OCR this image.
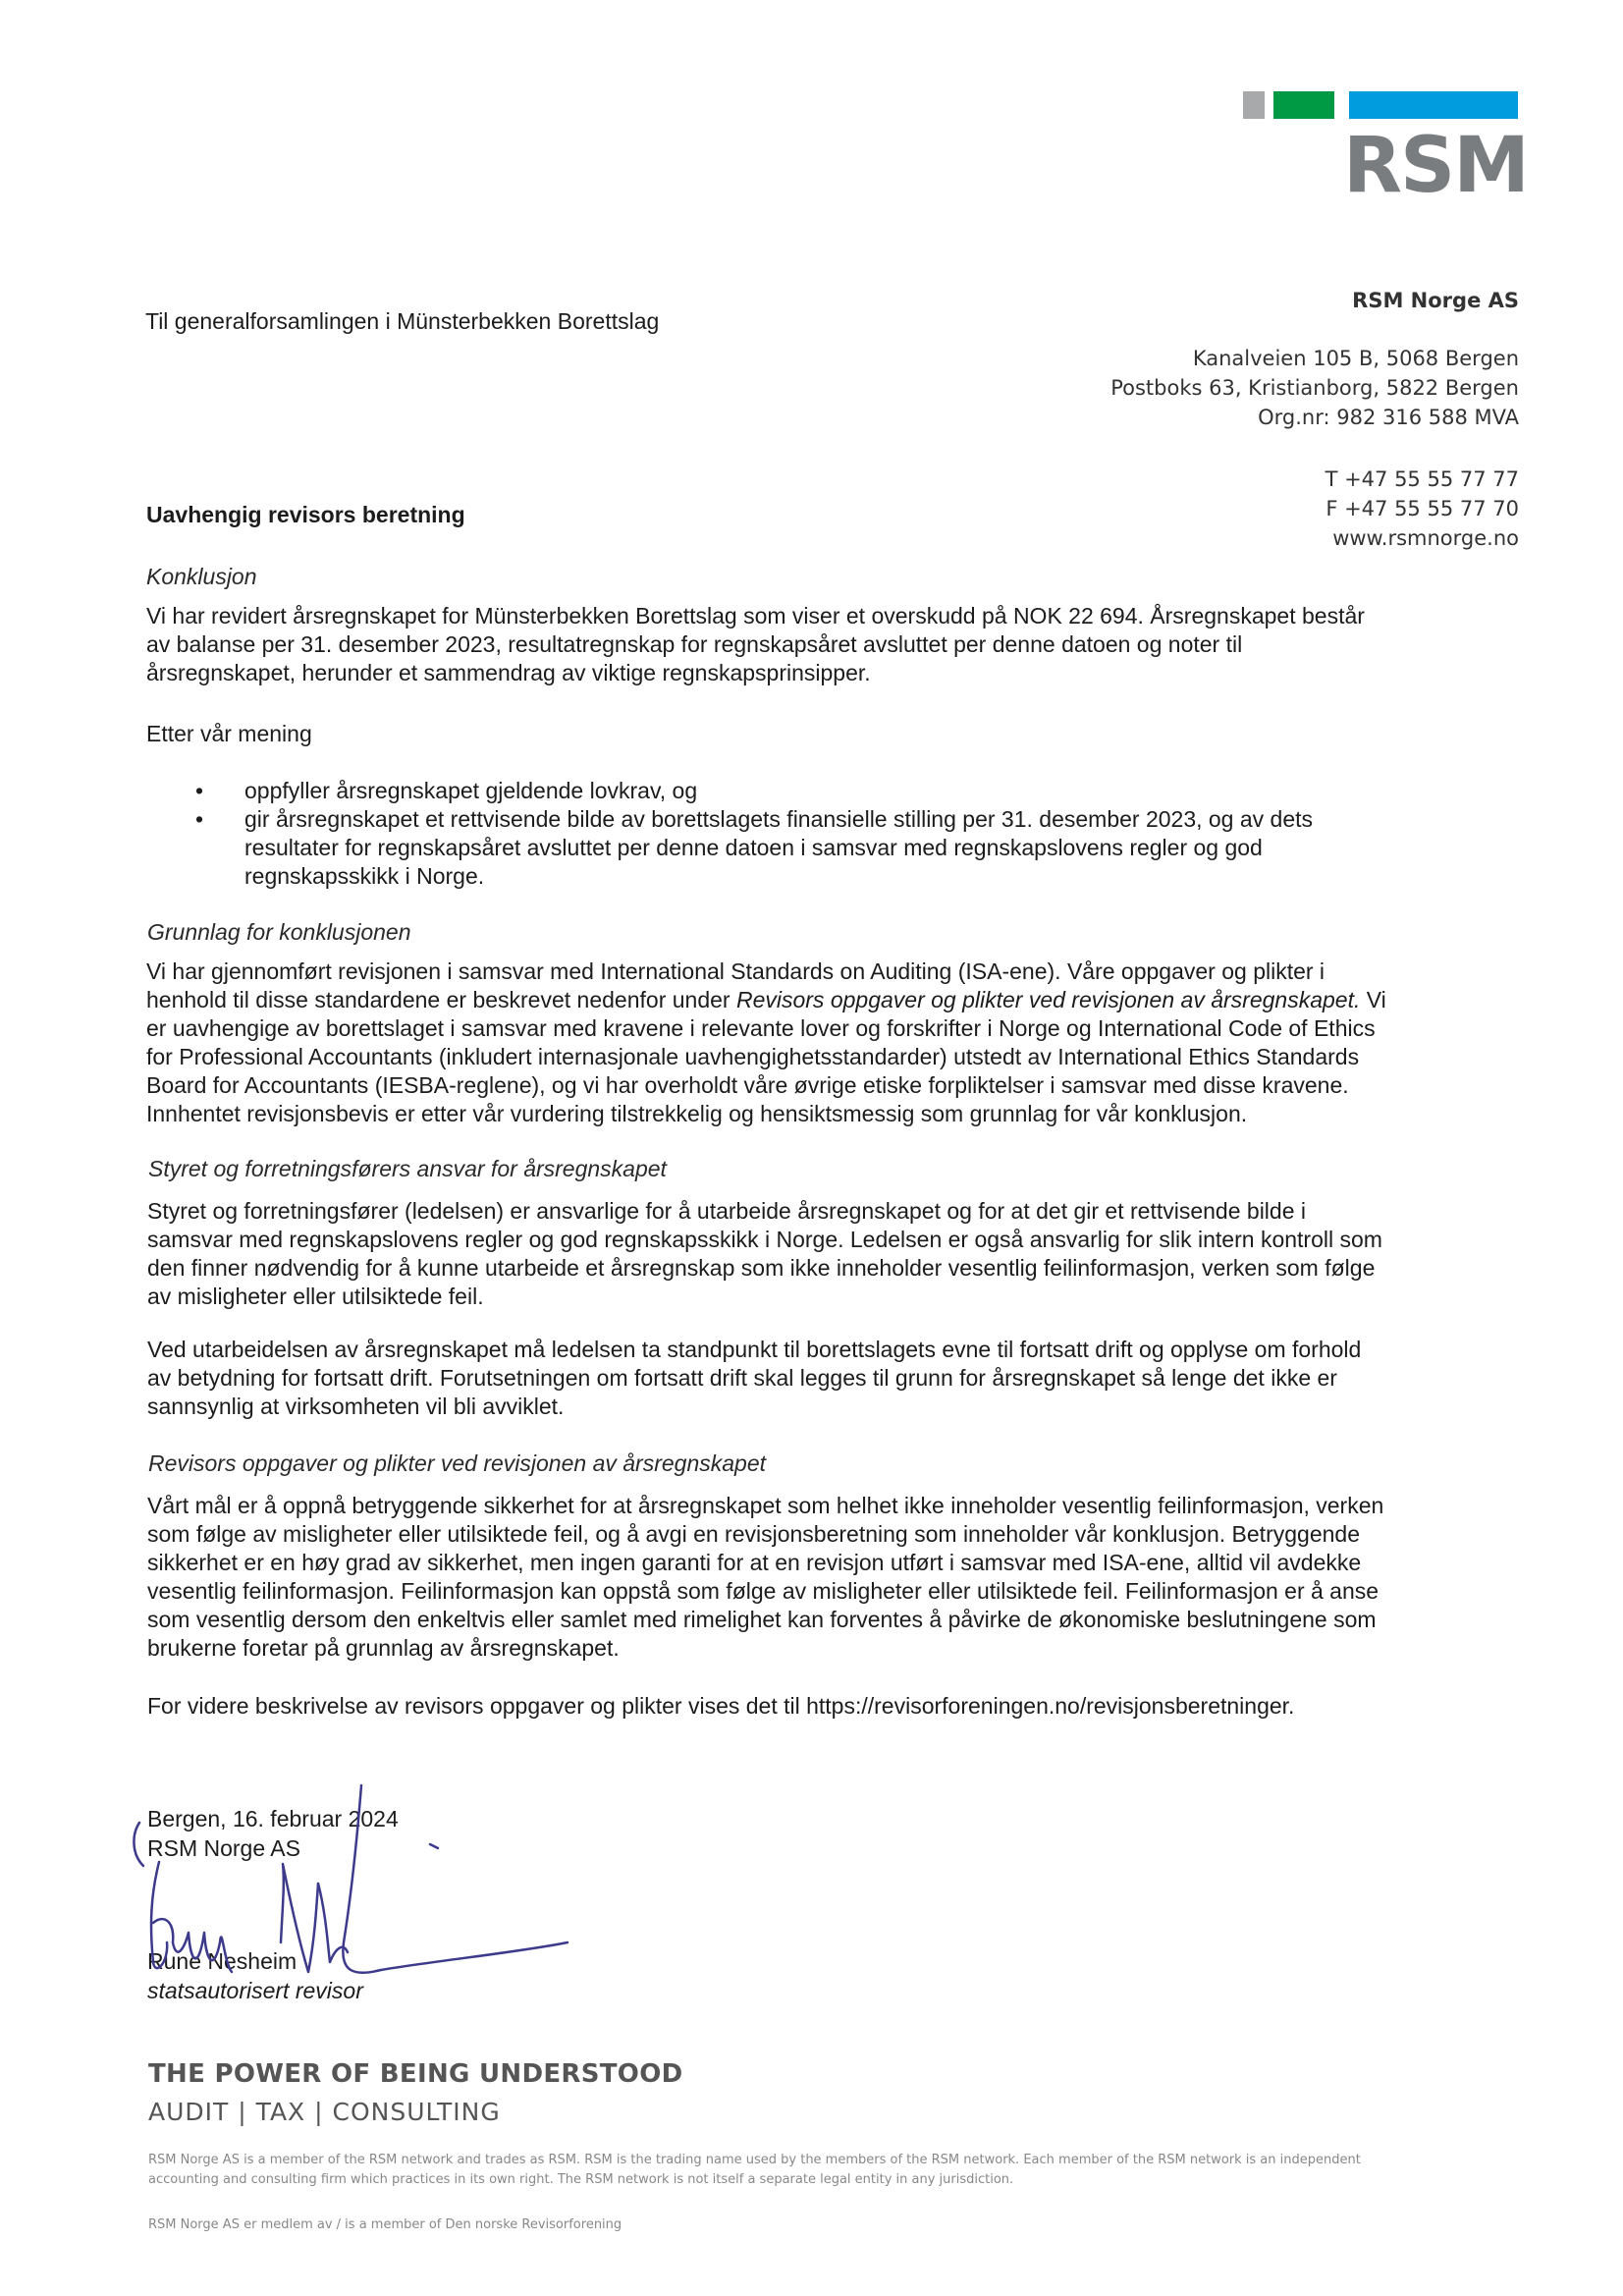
RSM
Til generalforsamlingen i Münsterbekken Borettslag
RSM Norge AS
Kanalveien 105 B, 5068 Bergen
Postboks 63, Kristianborg, 5822 Bergen
Org.nr: 982 316 588 MVA
T +47 55 55 77 77
F +47 55 55 77 70
www.rsmnorge.no
Uavhengig revisors beretning
Konklusjon
Vi har revidert årsregnskapet for Münsterbekken Borettslag som viser et overskudd på NOK 22 694. Årsregnskapet består
av balanse per 31. desember 2023, resultatregnskap for regnskapsåret avsluttet per denne datoen og noter til
årsregnskapet, herunder et sammendrag av viktige regnskapsprinsipper.
Etter vår mening
• oppfyller årsregnskapet gjeldende lovkrav, og
• gir årsregnskapet et rettvisende bilde av borettslagets finansielle stilling per 31. desember 2023, og av dets
resultater for regnskapsåret avsluttet per denne datoen i samsvar med regnskapslovens regler og god
regnskapsskikk i Norge.
Grunnlag for konklusjonen
Vi har gjennomført revisjonen i samsvar med International Standards on Auditing (ISA-ene). Våre oppgaver og plikter i
henhold til disse standardene er beskrevet nedenfor under Revisors oppgaver og plikter ved revisjonen av årsregnskapet. Vi
er uavhengige av borettslaget i samsvar med kravene i relevante lover og forskrifter i Norge og International Code of Ethics
for Professional Accountants (inkludert internasjonale uavhengighetsstandarder) utstedt av International Ethics Standards
Board for Accountants (IESBA-reglene), og vi har overholdt våre øvrige etiske forpliktelser i samsvar med disse kravene.
Innhentet revisjonsbevis er etter vår vurdering tilstrekkelig og hensiktsmessig som grunnlag for vår konklusjon.
Styret og forretningsførers ansvar for årsregnskapet
Styret og forretningsfører (ledelsen) er ansvarlige for å utarbeide årsregnskapet og for at det gir et rettvisende bilde i
samsvar med regnskapslovens regler og god regnskapsskikk i Norge. Ledelsen er også ansvarlig for slik intern kontroll som
den finner nødvendig for å kunne utarbeide et årsregnskap som ikke inneholder vesentlig feilinformasjon, verken som følge
av misligheter eller utilsiktede feil.
Ved utarbeidelsen av årsregnskapet må ledelsen ta standpunkt til borettslagets evne til fortsatt drift og opplyse om forhold
av betydning for fortsatt drift. Forutsetningen om fortsatt drift skal legges til grunn for årsregnskapet så lenge det ikke er
sannsynlig at virksomheten vil bli avviklet.
Revisors oppgaver og plikter ved revisjonen av årsregnskapet
Vårt mål er å oppnå betryggende sikkerhet for at årsregnskapet som helhet ikke inneholder vesentlig feilinformasjon, verken
som følge av misligheter eller utilsiktede feil, og å avgi en revisjonsberetning som inneholder vår konklusjon. Betryggende
sikkerhet er en høy grad av sikkerhet, men ingen garanti for at en revisjon utført i samsvar med ISA-ene, alltid vil avdekke
vesentlig feilinformasjon. Feilinformasjon kan oppstå som følge av misligheter eller utilsiktede feil. Feilinformasjon er å anse
som vesentlig dersom den enkeltvis eller samlet med rimelighet kan forventes å påvirke de økonomiske beslutningene som
brukerne foretar på grunnlag av årsregnskapet.
For videre beskrivelse av revisors oppgaver og plikter vises det til https://revisorforeningen.no/revisjonsberetninger.
Bergen, 16. februar 2024
RSM Norge AS
Rune Nesheim
statsautorisert revisor
THE POWER OF BEING UNDERSTOOD
AUDIT | TAX | CONSULTING
RSM Norge AS is a member of the RSM network and trades as RSM. RSM is the trading name used by the members of the RSM network. Each member of the RSM network is an independent
accounting and consulting firm which practices in its own right. The RSM network is not itself a separate legal entity in any jurisdiction.
RSM Norge AS er medlem av / is a member of Den norske Revisorforening
